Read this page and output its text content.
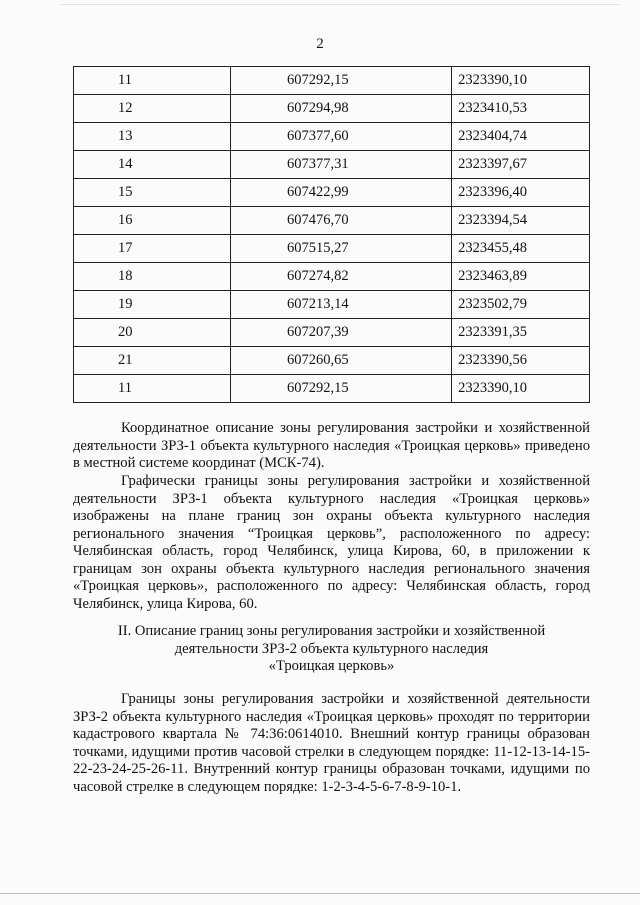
2
11	607292,15	2323390,10
12	607294,98	2323410,53
13	607377,60	2323404,74
14	607377,31	2323397,67
15	607422,99	2323396,40
16	607476,70	2323394,54
17	607515,27	2323455,48
18	607274,82	2323463,89
19	607213,14	2323502,79
20	607207,39	2323391,35
21	607260,65	2323390,56
11	607292,15	2323390,10

Координатное описание зоны регулирования застройки и хозяйственной деятельности ЗРЗ-1 объекта культурного наследия «Троицкая церковь» приведено в местной системе координат (МСК-74).

Графически границы зоны регулирования застройки и хозяйственной деятельности ЗРЗ-1 объекта культурного наследия «Троицкая церковь» изображены на плане границ зон охраны объекта культурного наследия регионального значения “Троицкая церковь”, расположенного по адресу: Челябинская область, город Челябинск, улица Кирова, 60, в приложении к границам зон охраны объекта культурного наследия регионального значения «Троицкая церковь», расположенного по адресу: Челябинская область, город Челябинск, улица Кирова, 60.

II. Описание границ зоны регулирования застройки и хозяйственной
деятельности ЗРЗ-2 объекта культурного наследия
«Троицкая церковь»

Границы зоны регулирования застройки и хозяйственной деятельности ЗРЗ-2 объекта культурного наследия «Троицкая церковь» проходят по территории кадастрового квартала № 74:36:0614010. Внешний контур границы образован точками, идущими против часовой стрелки в следующем порядке: 11-12-13-14-15-22-23-24-25-26-11. Внутренний контур границы образован точками, идущими по часовой стрелке в следующем порядке: 1-2-3-4-5-6-7-8-9-10-1.
